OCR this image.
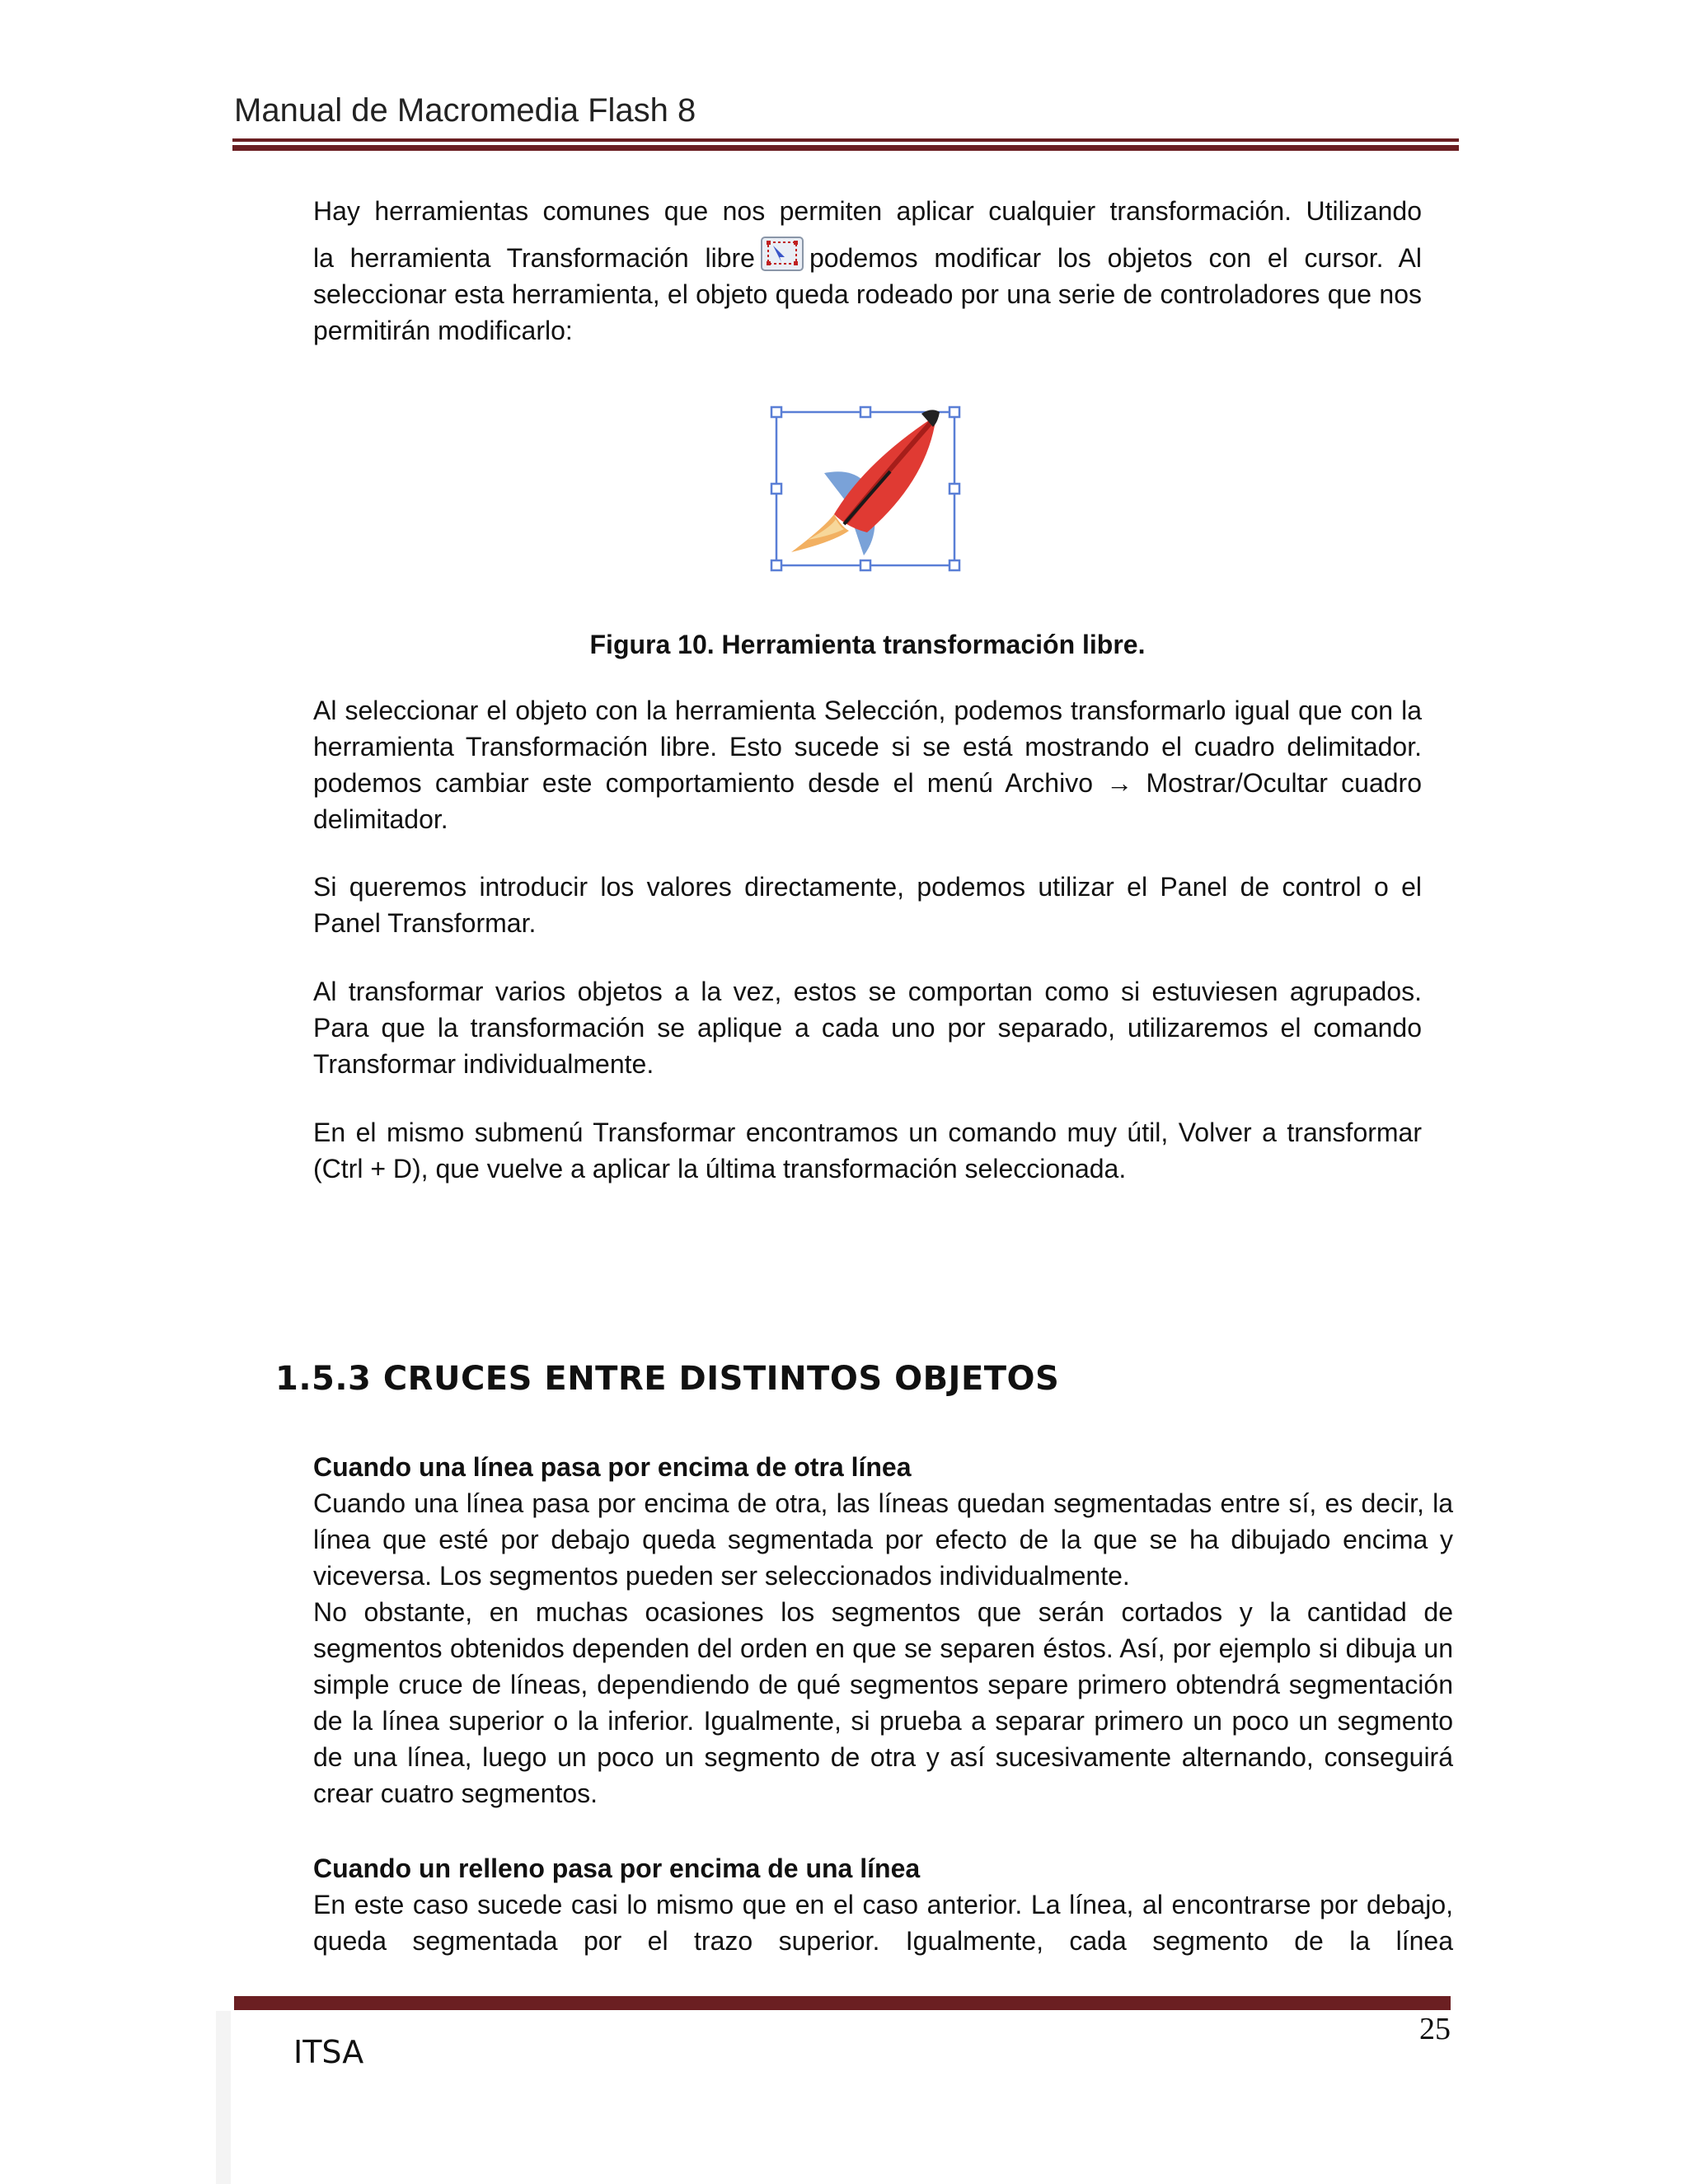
Manual de Macromedia Flash 8
Hay herramientas comunes que nos permiten aplicar cualquier transformación. Utilizando
la herramienta Transformación libre podemos modificar los objetos con el cursor. Al seleccionar esta herramienta, el objeto queda rodeado por una serie de controladores que nos permitirán modificarlo:
Figura 10. Herramienta transformación libre.
Al seleccionar el objeto con la herramienta Selección, podemos transformarlo igual que con la herramienta Transformación libre. Esto sucede si se está mostrando el cuadro delimitador. podemos cambiar este comportamiento desde el menú Archivo → Mostrar/Ocultar cuadro delimitador.
Si queremos introducir los valores directamente, podemos utilizar el Panel de control o el Panel Transformar.
Al transformar varios objetos a la vez, estos se comportan como si estuviesen agrupados. Para que la transformación se aplique a cada uno por separado, utilizaremos el comando Transformar individualmente.
En el mismo submenú Transformar encontramos un comando muy útil, Volver a transformar (Ctrl + D), que vuelve a aplicar la última transformación seleccionada.
1.5.3 CRUCES ENTRE DISTINTOS OBJETOS
Cuando una línea pasa por encima de otra línea
Cuando una línea pasa por encima de otra, las líneas quedan segmentadas entre sí, es decir, la línea que esté por debajo queda segmentada por efecto de la que se ha dibujado encima y viceversa. Los segmentos pueden ser seleccionados individualmente.
No obstante, en muchas ocasiones los segmentos que serán cortados y la cantidad de segmentos obtenidos dependen del orden en que se separen éstos. Así, por ejemplo si dibuja un simple cruce de líneas, dependiendo de qué segmentos separe primero obtendrá segmentación de la línea superior o la inferior. Igualmente, si prueba a separar primero un poco un segmento de una línea, luego un poco un segmento de otra y así sucesivamente alternando, conseguirá crear cuatro segmentos.
Cuando un relleno pasa por encima de una línea
En este caso sucede casi lo mismo que en el caso anterior. La línea, al encontrarse por debajo, queda segmentada por el trazo superior. Igualmente, cada segmento de la línea
25
ITSA
